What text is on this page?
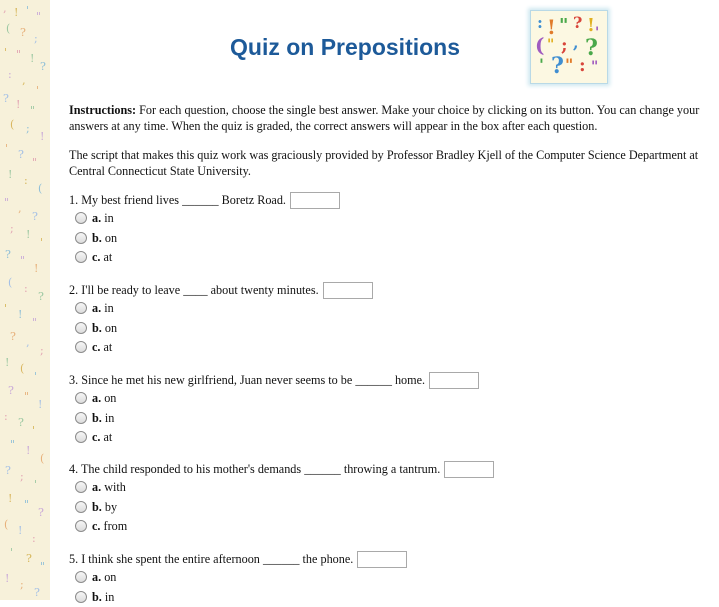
‚ ! ' "
( ? ;
' " !
?
: ‚
'
? ! "
( ;
!
' ?
"
! :
(
" ‚
?
; !
'
? "
!
( :
?
' !
"
? ‚
;
! (
'
? "
!
: ?
'
" !
(
? ;
'
! "
?
( !
:
' ?
"
! ;
?
Quiz on Prepositions
: ! " ? ! '
( " ; , ?
' ? " : "

Instructions: For each question, choose the single best answer. Make your choice by clicking on its button. You can change your answers at any time. When the quiz is graded, the correct answers will appear in the box after each question.

The script that makes this quiz work was graciously provided by Professor Bradley Kjell of the Computer Science Department at Central Connecticut State University.

1. My best friend lives ______ Boretz Road.
a. in
b. on
c. at
2. I'll be ready to leave ____ about twenty minutes.
a. in
b. on
c. at
3. Since he met his new girlfriend, Juan never seems to be ______ home.
a. on
b. in
c. at
4. The child responded to his mother's demands ______ throwing a tantrum.
a. with
b. by
c. from
5. I think she spent the entire afternoon ______ the phone.
a. on
b. in
